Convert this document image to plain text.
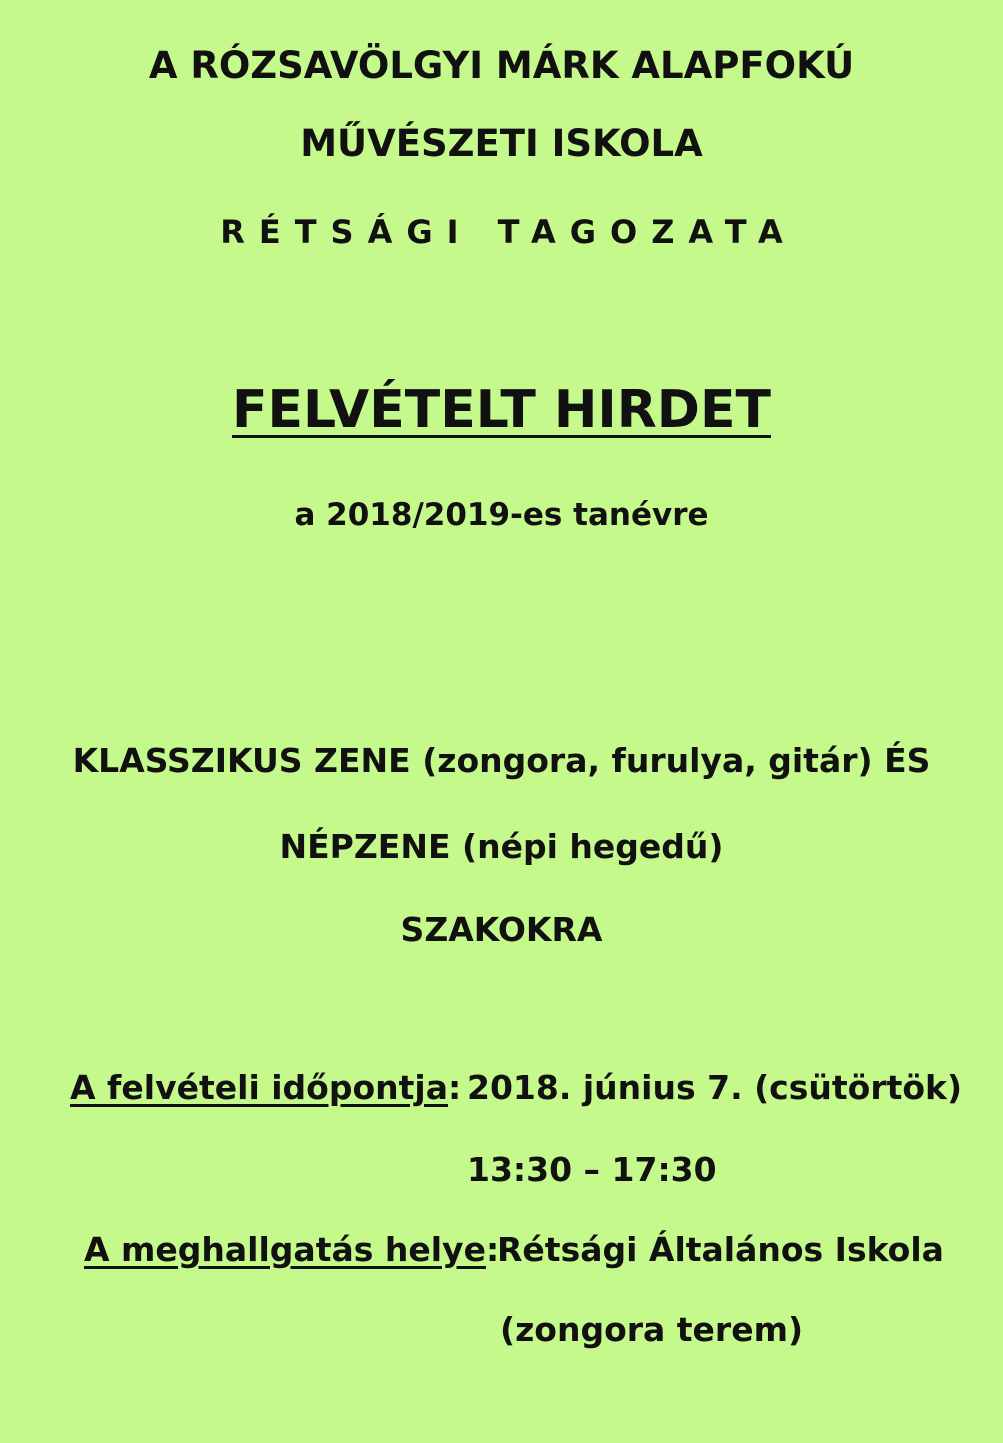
A RÓZSAVÖLGYI MÁRK ALAPFOKÚ
MŰVÉSZETI ISKOLA
RÉTSÁGI TAGOZATA
FELVÉTELT HIRDET
a 2018/2019-es tanévre
KLASSZIKUS ZENE (zongora, furulya, gitár) ÉS
NÉPZENE (népi hegedű)
SZAKOKRA
A felvételi időpontja: 2018. június 7. (csütörtök)
13:30 – 17:30
A meghallgatás helye:
Rétsági Általános Iskola
(zongora terem)
